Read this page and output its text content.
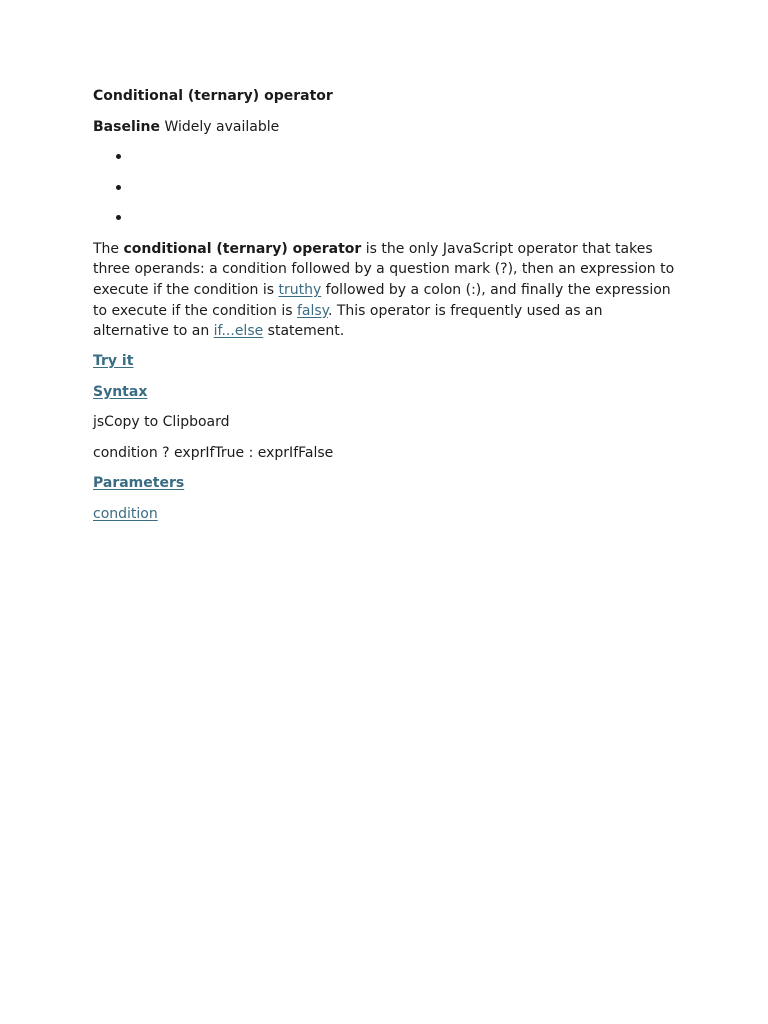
Conditional (ternary) operator
Baseline Widely available
The conditional (ternary) operator is the only JavaScript operator that takes three operands: a condition followed by a question mark (?), then an expression to execute if the condition is truthy followed by a colon (:), and finally the expression to execute if the condition is falsy. This operator is frequently used as an alternative to an if...else statement.
Try it
Syntax
jsCopy to Clipboard
condition ? exprIfTrue : exprIfFalse
Parameters
condition
